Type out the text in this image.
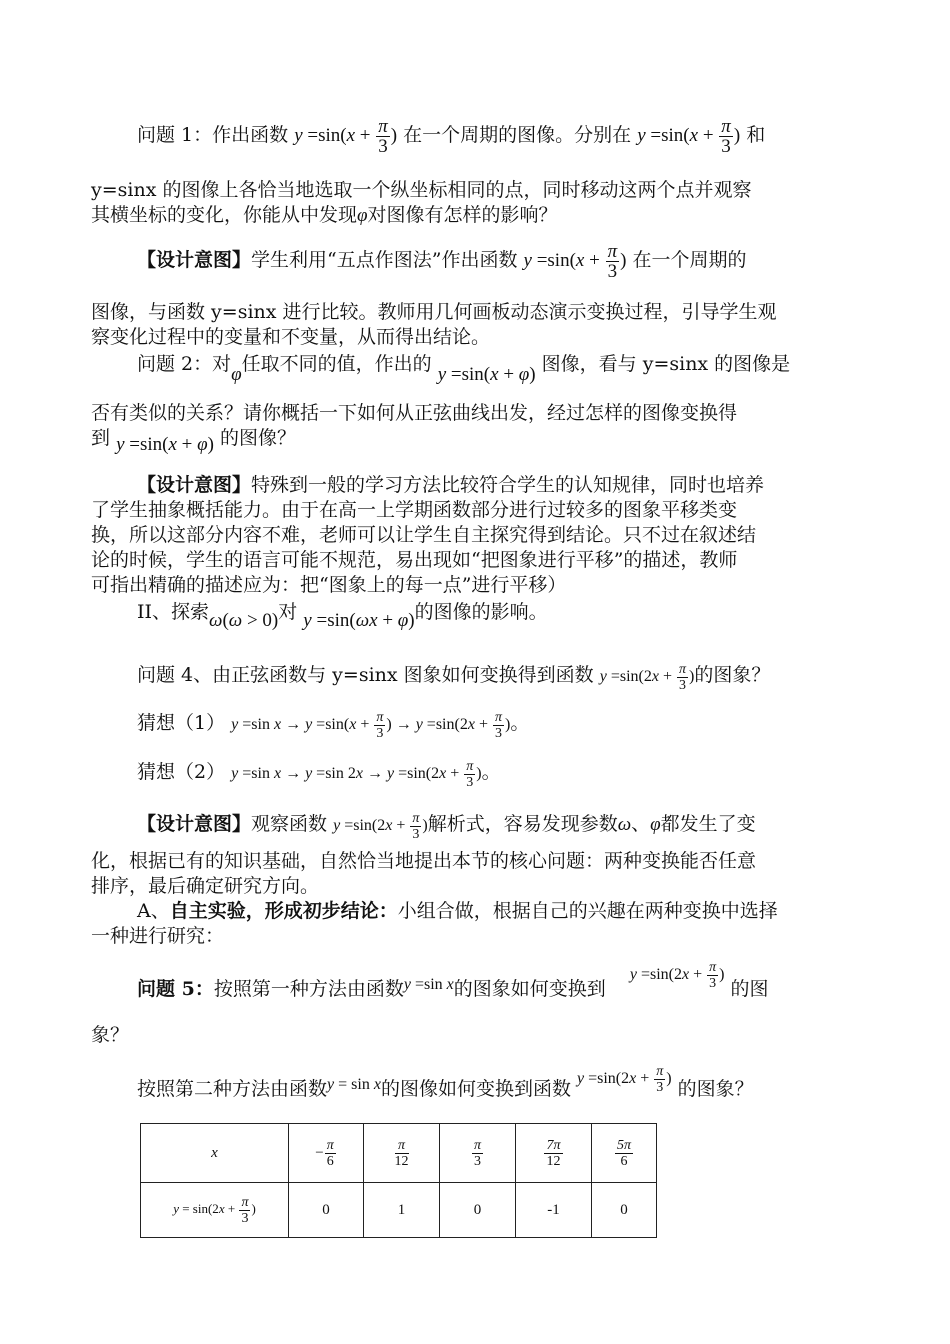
问题 1：作出函数 $y =\sin(x + \frac{\pi}{3}$ ) 在一个周期的图像。分别在 $y =\sin(x + \frac{\pi}{3}$ ) 和
y=sinx 的图像上各恰当地选取一个纵坐标相同的点，同时移动这两个点并观察
其横坐标的变化，你能从中发现φ对图像有怎样的影响？
【设计意图】学生利用“五点作图法”作出函数 $y =\sin(x + \frac{\pi}{3}$ ) 在一个周期的
图像，与函数 y=sinx 进行比较。教师用几何画板动态演示变换过程，引导学生观
察变化过程中的变量和不变量，从而得出结论。
问题 2：对φ任取不同的值，作出的 y =sin(x + φ) 图像，看与 y=sinx 的图像是
否有类似的关系？请你概括一下如何从正弦曲线出发，经过怎样的图像变换得
到 y =sin(x + φ) 的图像？
【设计意图】特殊到一般的学习方法比较符合学生的认知规律，同时也培养
了学生抽象概括能力。由于在高一上学期函数部分进行过较多的图象平移类变
换，所以这部分内容不难，老师可以让学生自主探究得到结论。只不过在叙述结
论的时候，学生的语言可能不规范，易出现如“把图象进行平移”的描述，教师
可指出精确的描述应为：把“图象上的每一点”进行平移）
II、探索ω(ω > 0)对 y =sin(ωx + φ)的图像的影响。
问题 4、由正弦函数与 y=sinx 图象如何变换得到函数 $y =\sin(2x + \frac{\pi}{3}$ )的图象？
猜想（1） y =sin $x \to y =\sin(x + \frac{\pi}{3}$ ) → $y =\sin(2x + \frac{\pi}{3}$ )。
猜想（2） y =sin x → y =sin $2x \to y =\sin(2x + \frac{\pi}{3}$ )。
【设计意图】观察函数 $y =\sin(2x + \frac{\pi}{3}$ )解析式，容易发现参数ω、φ都发生了变
化，根据已有的知识基础，自然恰当地提出本节的核心问题：两种变换能否任意
排序，最后确定研究方向。
A、自主实验，形成初步结论：小组合做，根据自己的兴趣在两种变换中选择
一种进行研究：
问题 5：按照第一种方法由函数$^{y =sin x}$的图象如何变换到 $^{y =sin(2x + \frac{\pi}{3} )}$ 的图
象？
按照第二种方法由函数$^{y = sin x}$的图像如何变换到函数 $^{y =sin(2x + \frac{\pi}{3} )}$ 的图象？
x	− $\frac{\pi}{6}$	$\frac{\pi}{12}$	$\frac{\pi}{3}$	$\frac{7\pi}{12}$	$\frac{5\pi}{6}$

$y = \sin(2x + \frac{\pi}{3}$ )	0	1	0	-1	0
